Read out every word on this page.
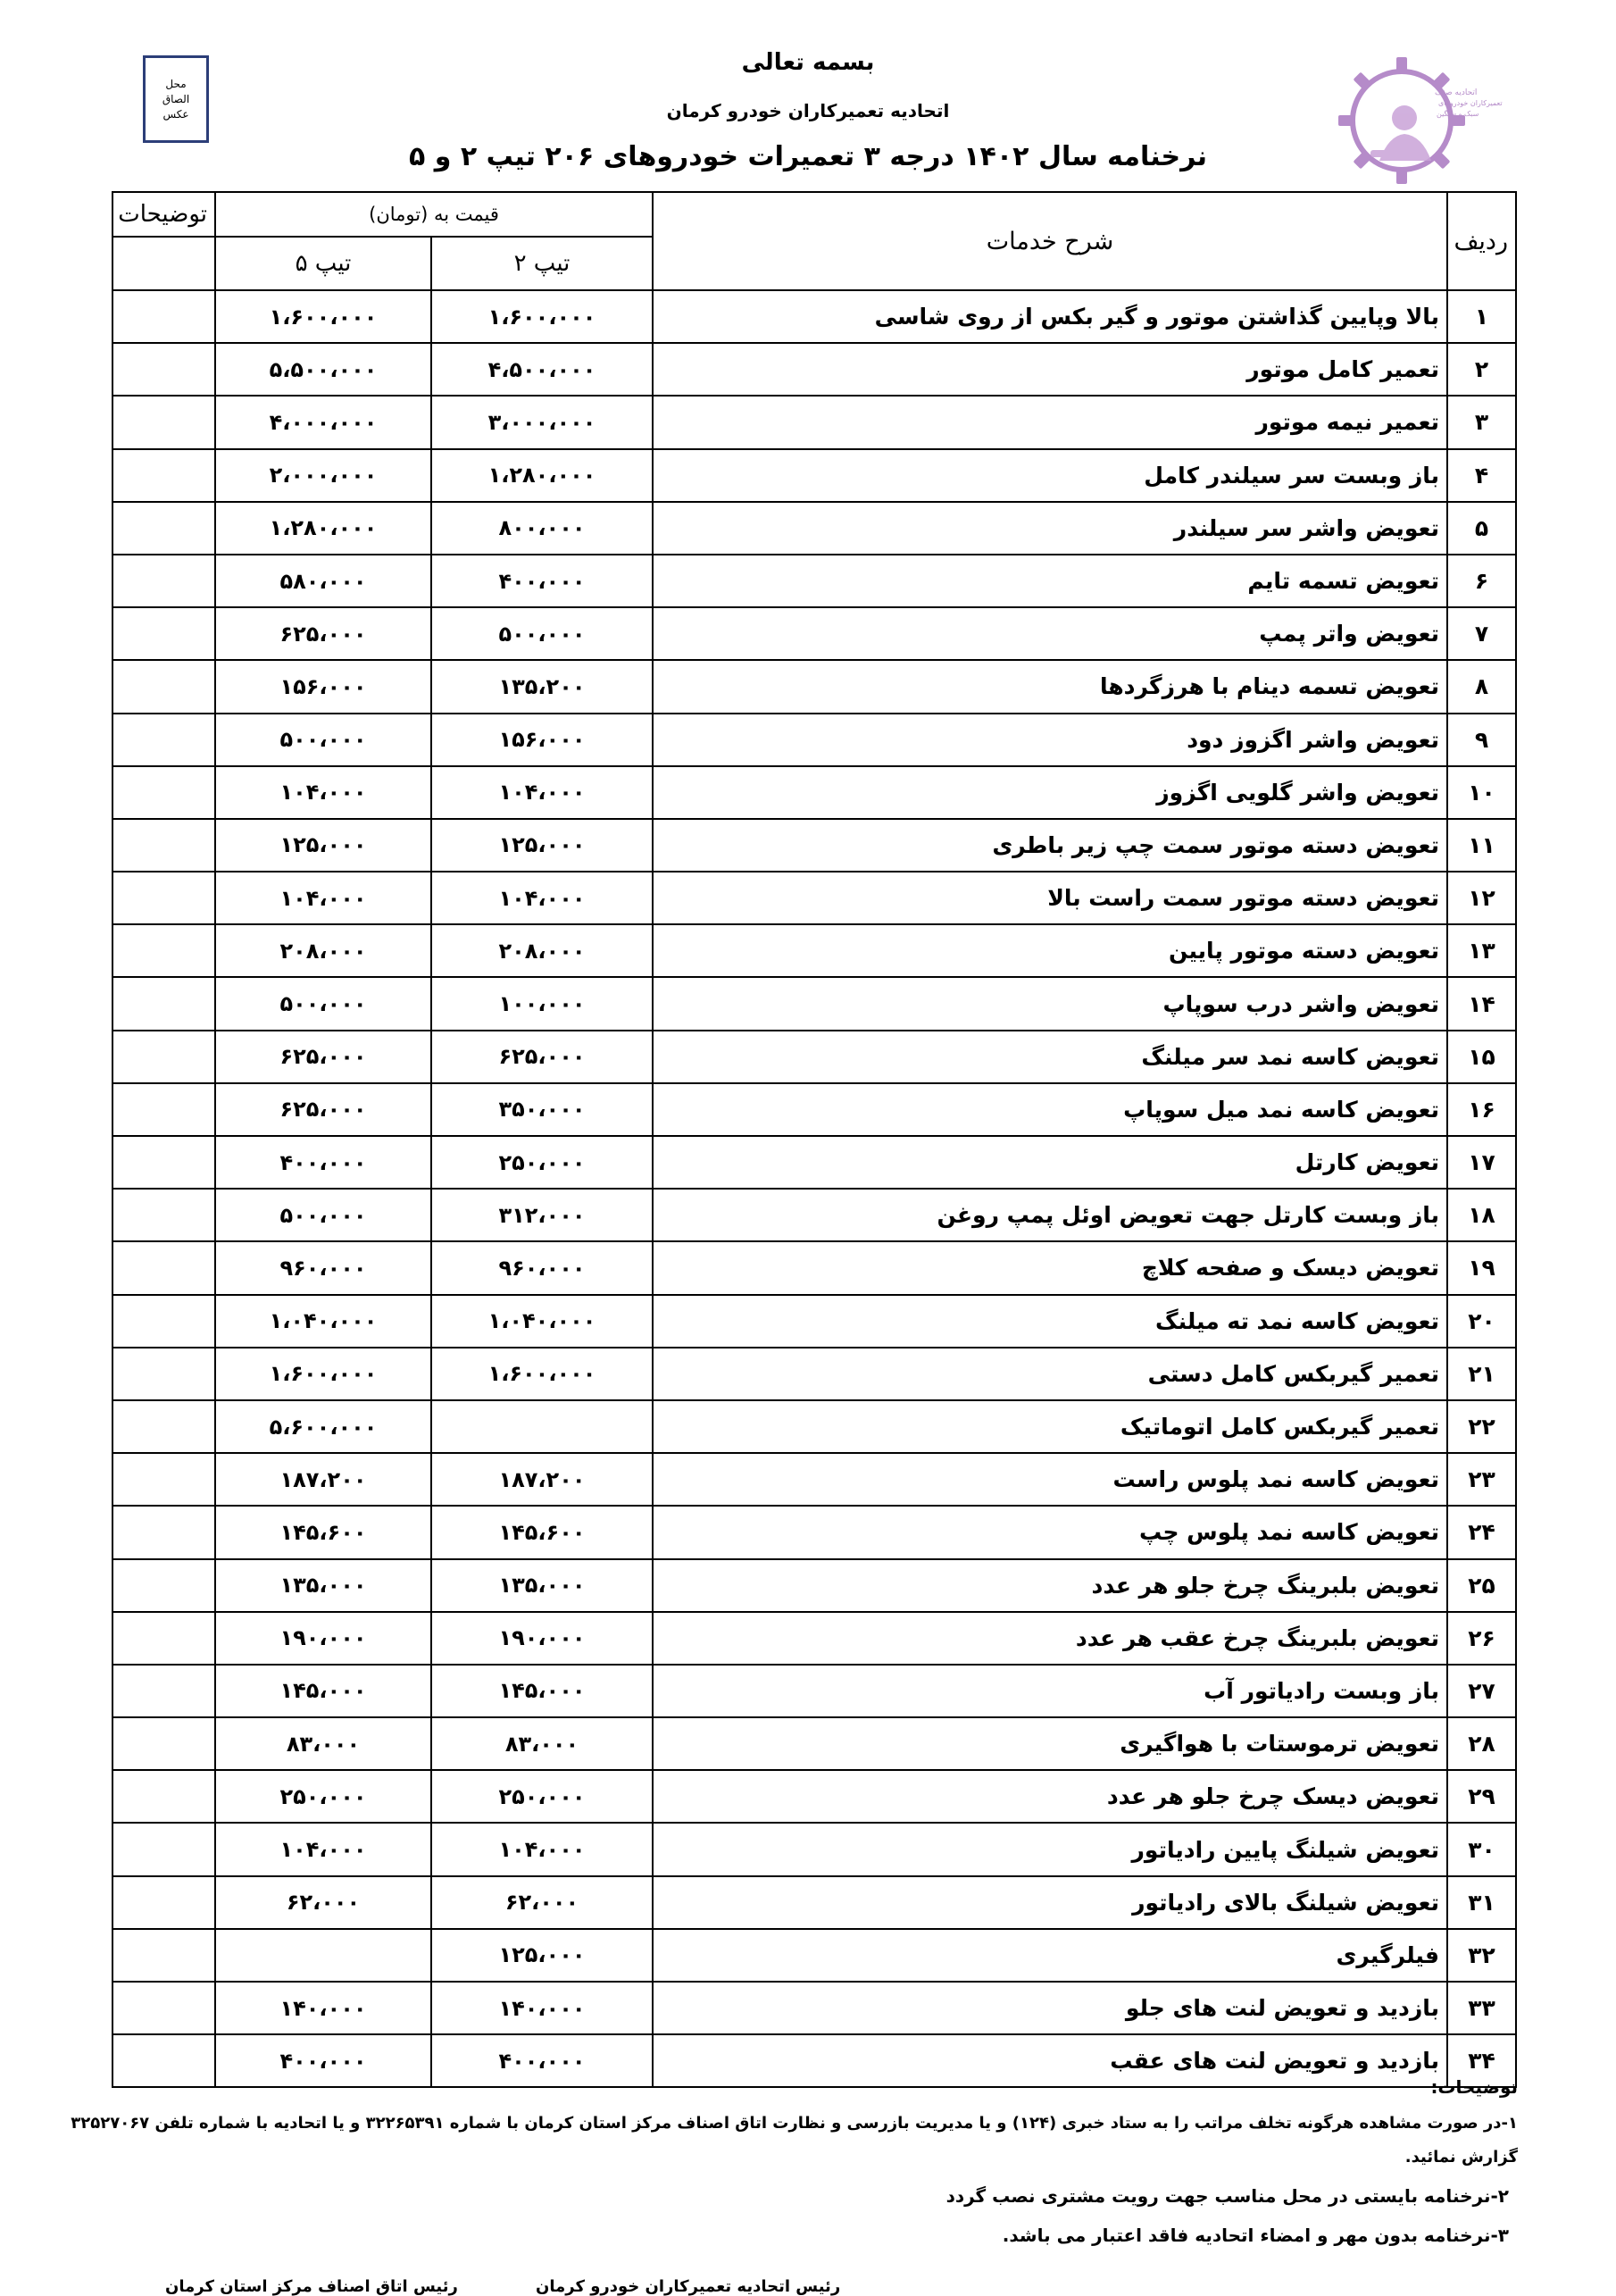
محل
الصاق
عکس
اتحادیه صنف
تعمیرکاران خودروهای
سبک و سنگین
بسمه تعالی
اتحادیه تعمیرکاران خودرو کرمان
نرخنامه سال ۱۴۰۲ درجه ۳ تعمیرات خودروهای ۲۰۶ تیپ ۲ و ۵
ردیف	شرح خدمات	قیمت به (تومان)		توضیحات
		تیپ ۲	تیپ ۵	
۱	بالا وپایین گذاشتن موتور و گیر بکس از روی شاسی	۱،۶۰۰،۰۰۰	۱،۶۰۰،۰۰۰	
۲	تعمیر کامل موتور	۴،۵۰۰،۰۰۰	۵،۵۰۰،۰۰۰	
۳	تعمیر نیمه موتور	۳،۰۰۰،۰۰۰	۴،۰۰۰،۰۰۰	
۴	باز وبست سر سیلندر کامل	۱،۲۸۰،۰۰۰	۲،۰۰۰،۰۰۰	
۵	تعویض واشر سر سیلندر	۸۰۰،۰۰۰	۱،۲۸۰،۰۰۰	
۶	تعویض تسمه تایم	۴۰۰،۰۰۰	۵۸۰،۰۰۰	
۷	تعویض واتر پمپ	۵۰۰،۰۰۰	۶۲۵،۰۰۰	
۸	تعویض تسمه دینام با هرزگردها	۱۳۵،۲۰۰	۱۵۶،۰۰۰	
۹	تعویض واشر اگزوز دود	۱۵۶،۰۰۰	۵۰۰،۰۰۰	
۱۰	تعویض واشر گلویی اگزوز	۱۰۴،۰۰۰	۱۰۴،۰۰۰	
۱۱	تعویض دسته موتور سمت چپ زیر باطری	۱۲۵،۰۰۰	۱۲۵،۰۰۰	
۱۲	تعویض دسته موتور سمت راست بالا	۱۰۴،۰۰۰	۱۰۴،۰۰۰	
۱۳	تعویض دسته موتور پایین	۲۰۸،۰۰۰	۲۰۸،۰۰۰	
۱۴	تعویض واشر درب سوپاپ	۱۰۰،۰۰۰	۵۰۰،۰۰۰	
۱۵	تعویض کاسه نمد سر میلنگ	۶۲۵،۰۰۰	۶۲۵،۰۰۰	
۱۶	تعویض کاسه نمد میل سوپاپ	۳۵۰،۰۰۰	۶۲۵،۰۰۰	
۱۷	تعویض کارتل	۲۵۰،۰۰۰	۴۰۰،۰۰۰	
۱۸	باز وبست کارتل جهت تعویض اوئل پمپ روغن	۳۱۲،۰۰۰	۵۰۰،۰۰۰	
۱۹	تعویض دیسک و صفحه کلاچ	۹۶۰،۰۰۰	۹۶۰،۰۰۰	
۲۰	تعویض کاسه نمد ته میلنگ	۱،۰۴۰،۰۰۰	۱،۰۴۰،۰۰۰	
۲۱	تعمیر گیربکس کامل دستی	۱،۶۰۰،۰۰۰	۱،۶۰۰،۰۰۰	
۲۲	تعمیر گیربکس کامل اتوماتیک		۵،۶۰۰،۰۰۰	
۲۳	تعویض کاسه نمد پلوس راست	۱۸۷،۲۰۰	۱۸۷،۲۰۰	
۲۴	تعویض کاسه نمد پلوس چپ	۱۴۵،۶۰۰	۱۴۵،۶۰۰	
۲۵	تعویض بلبرینگ چرخ جلو هر عدد	۱۳۵،۰۰۰	۱۳۵،۰۰۰	
۲۶	تعویض بلبرینگ چرخ عقب هر عدد	۱۹۰،۰۰۰	۱۹۰،۰۰۰	
۲۷	باز وبست رادیاتور آب	۱۴۵،۰۰۰	۱۴۵،۰۰۰	
۲۸	تعویض ترموستات با هواگیری	۸۳،۰۰۰	۸۳،۰۰۰	
۲۹	تعویض دیسک چرخ جلو هر عدد	۲۵۰،۰۰۰	۲۵۰،۰۰۰	
۳۰	تعویض شیلنگ پایین رادیاتور	۱۰۴،۰۰۰	۱۰۴،۰۰۰	
۳۱	تعویض شیلنگ بالای رادیاتور	۶۲،۰۰۰	۶۲،۰۰۰	
۳۲	فیلرگیری	۱۲۵،۰۰۰		
۳۳	بازدید و تعویض لنت های جلو	۱۴۰،۰۰۰	۱۴۰،۰۰۰	
۳۴	بازدید و تعویض لنت های عقب	۴۰۰،۰۰۰	۴۰۰،۰۰۰	
توضیحات:
۱-در صورت مشاهده هرگونه تخلف مراتب را به ستاد خبری (۱۲۴) و یا مدیریت بازرسی و نظارت اتاق اصناف مرکز استان کرمان با شماره ۳۲۲۶۵۳۹۱ و یا اتحادیه با شماره تلفن ۳۲۵۲۷۰۶۷
گزارش نمائید.
۲-نرخنامه بایستی در محل مناسب جهت رویت مشتری نصب گردد
۳-نرخنامه بدون مهر و امضاء اتحادیه فاقد اعتبار می باشد.
رئیس اتاق اصناف مرکز استان کرمان	رئیس اتحادیه تعمیرکاران خودرو کرمان
